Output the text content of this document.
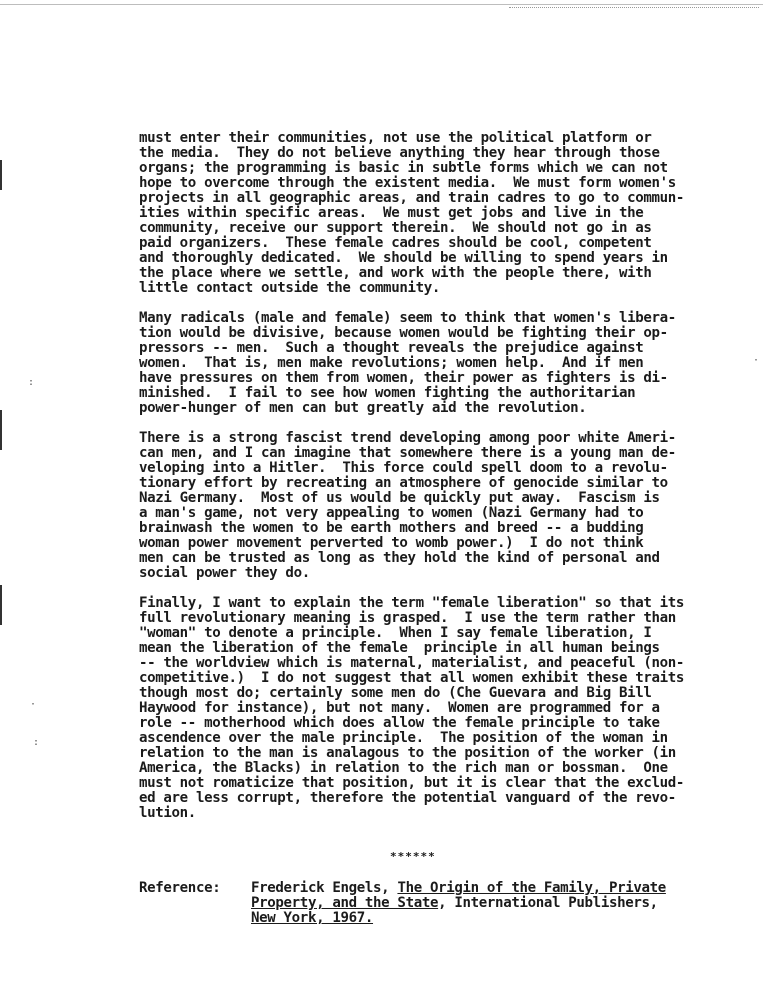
:
·
:
·
must enter their communities, not use the political platform or
the media.  They do not believe anything they hear through those
organs; the programming is basic in subtle forms which we can not
hope to overcome through the existent media.  We must form women's
projects in all geographic areas, and train cadres to go to commun-
ities within specific areas.  We must get jobs and live in the
community, receive our support therein.  We should not go in as
paid organizers.  These female cadres should be cool, competent
and thoroughly dedicated.  We should be willing to spend years in
the place where we settle, and work with the people there, with
little contact outside the community.
Many radicals (male and female) seem to think that women's libera-
tion would be divisive, because women would be fighting their op-
pressors -- men.  Such a thought reveals the prejudice against
women.  That is, men make revolutions; women help.  And if men
have pressures on them from women, their power as fighters is di-
minished.  I fail to see how women fighting the authoritarian
power-hunger of men can but greatly aid the revolution.
There is a strong fascist trend developing among poor white Ameri-
can men, and I can imagine that somewhere there is a young man de-
veloping into a Hitler.  This force could spell doom to a revolu-
tionary effort by recreating an atmosphere of genocide similar to
Nazi Germany.  Most of us would be quickly put away.  Fascism is
a man's game, not very appealing to women (Nazi Germany had to
brainwash the women to be earth mothers and breed -- a budding
woman power movement perverted to womb power.)  I do not think
men can be trusted as long as they hold the kind of personal and
social power they do.
Finally, I want to explain the term "female liberation" so that its
full revolutionary meaning is grasped.  I use the term rather than
"woman" to denote a principle.  When I say female liberation, I
mean the liberation of the female  principle in all human beings
-- the worldview which is maternal, materialist, and peaceful (non-
competitive.)  I do not suggest that all women exhibit these traits
though most do; certainly some men do (Che Guevara and Big Bill
Haywood for instance), but not many.  Women are programmed for a
role -- motherhood which does allow the female principle to take
ascendence over the male principle.  The position of the woman in
relation to the man is analagous to the position of the worker (in
America, the Blacks) in relation to the rich man or bossman.  One
must not romaticize that position, but it is clear that the exclud-
ed are less corrupt, therefore the potential vanguard of the revo-
lution.
******
Reference: Frederick Engels, The Origin of the Family, Private
Property, and the State, International Publishers,
New York, 1967.
